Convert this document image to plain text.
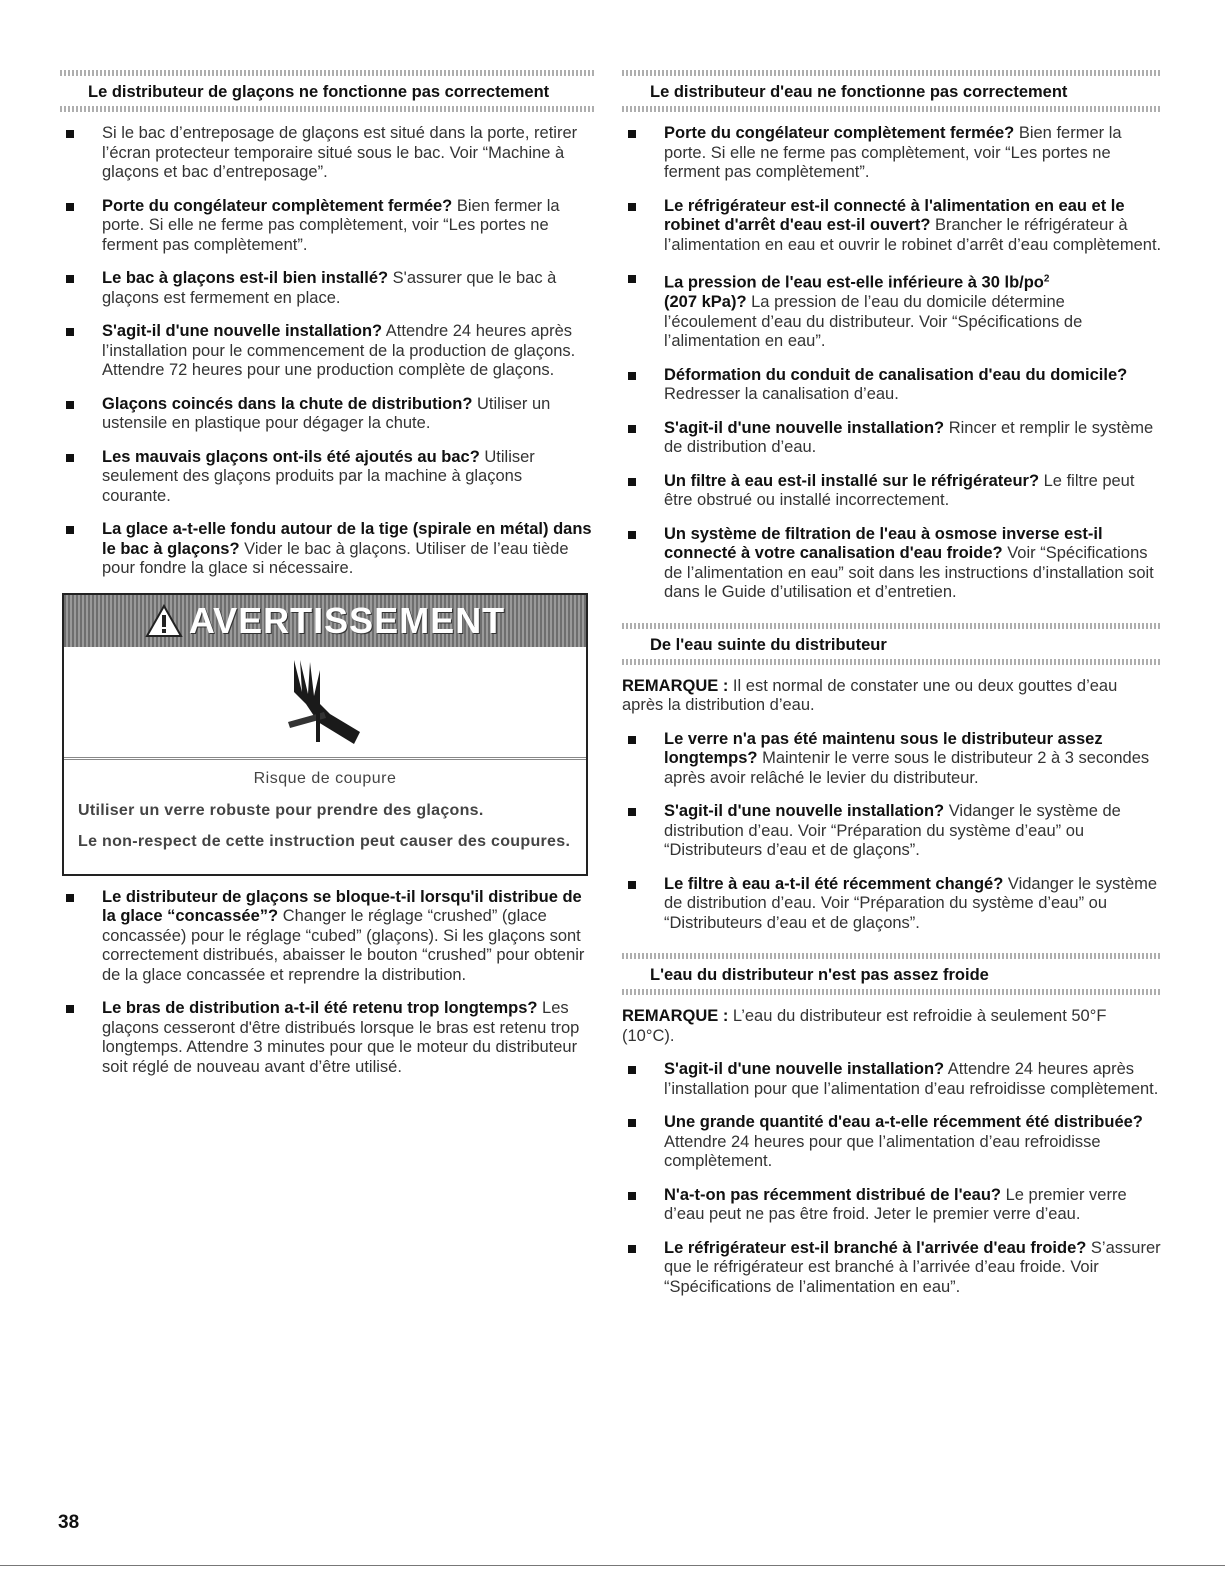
Le distributeur de glaçons ne fonctionne pas correctement
Si le bac d’entreposage de glaçons est situé dans la porte, retirer l’écran protecteur temporaire situé sous le bac. Voir “Machine à glaçons et bac d’entreposage”.
Porte du congélateur complètement fermée? Bien fermer la porte. Si elle ne ferme pas complètement, voir “Les portes ne ferment pas complètement”.
Le bac à glaçons est-il bien installé? S'assurer que le bac à glaçons est fermement en place.
S'agit-il d'une nouvelle installation? Attendre 24 heures après l’installation pour le commencement de la production de glaçons. Attendre 72 heures pour une production complète de glaçons.
Glaçons coincés dans la chute de distribution? Utiliser un ustensile en plastique pour dégager la chute.
Les mauvais glaçons ont-ils été ajoutés au bac? Utiliser seulement des glaçons produits par la machine à glaçons courante.
La glace a-t-elle fondu autour de la tige (spirale en métal) dans le bac à glaçons? Vider le bac à glaçons. Utiliser de l’eau tiède pour fondre la glace si nécessaire.
AVERTISSEMENT
Risque de coupure
Utiliser un verre robuste pour prendre des glaçons.
Le non-respect de cette instruction peut causer des coupures.
Le distributeur de glaçons se bloque-t-il lorsqu'il distribue de la glace “concassée”? Changer le réglage “crushed” (glace concassée) pour le réglage “cubed” (glaçons). Si les glaçons sont correctement distribués, abaisser le bouton “crushed” pour obtenir de la glace concassée et reprendre la distribution.
Le bras de distribution a-t-il été retenu trop longtemps? Les glaçons cesseront d'être distribués lorsque le bras est retenu trop longtemps. Attendre 3 minutes pour que le moteur du distributeur soit réglé de nouveau avant d’être utilisé.
Le distributeur d'eau ne fonctionne pas correctement
Porte du congélateur complètement fermée? Bien fermer la porte. Si elle ne ferme pas complètement, voir “Les portes ne ferment pas complètement”.
Le réfrigérateur est-il connecté à l'alimentation en eau et le robinet d'arrêt d'eau est-il ouvert? Brancher le réfrigérateur à l’alimentation en eau et ouvrir le robinet d’arrêt d’eau complètement.
La pression de l'eau est-elle inférieure à 30 $lb/po^2$
(207 kPa)? La pression de l’eau du domicile détermine l’écoulement d’eau du distributeur. Voir “Spécifications de l’alimentation en eau”.
Déformation du conduit de canalisation d'eau du domicile? Redresser la canalisation d’eau.
S'agit-il d'une nouvelle installation? Rincer et remplir le système de distribution d’eau.
Un filtre à eau est-il installé sur le réfrigérateur? Le filtre peut être obstrué ou installé incorrectement.
Un système de filtration de l'eau à osmose inverse est-il connecté à votre canalisation d'eau froide? Voir “Spécifications de l’alimentation en eau” soit dans les instructions d’installation soit dans le Guide d’utilisation et d’entretien.
De l'eau suinte du distributeur
REMARQUE : Il est normal de constater une ou deux gouttes d’eau après la distribution d’eau.
Le verre n'a pas été maintenu sous le distributeur assez longtemps? Maintenir le verre sous le distributeur 2 à 3 secondes après avoir relâché le levier du distributeur.
S'agit-il d'une nouvelle installation? Vidanger le système de distribution d’eau. Voir “Préparation du système d’eau” ou “Distributeurs d’eau et de glaçons”.
Le filtre à eau a-t-il été récemment changé? Vidanger le système de distribution d’eau. Voir “Préparation du système d’eau” ou “Distributeurs d’eau et de glaçons”.
L'eau du distributeur n'est pas assez froide
REMARQUE : L’eau du distributeur est refroidie à seulement 50°F (10°C).
S'agit-il d'une nouvelle installation? Attendre 24 heures après l’installation pour que l’alimentation d’eau refroidisse complètement.
Une grande quantité d'eau a-t-elle récemment été distribuée? Attendre 24 heures pour que l’alimentation d’eau refroidisse complètement.
N'a-t-on pas récemment distribué de l'eau? Le premier verre d’eau peut ne pas être froid. Jeter le premier verre d’eau.
Le réfrigérateur est-il branché à l'arrivée d'eau froide? S’assurer que le réfrigérateur est branché à l’arrivée d’eau froide. Voir “Spécifications de l’alimentation en eau”.
38
